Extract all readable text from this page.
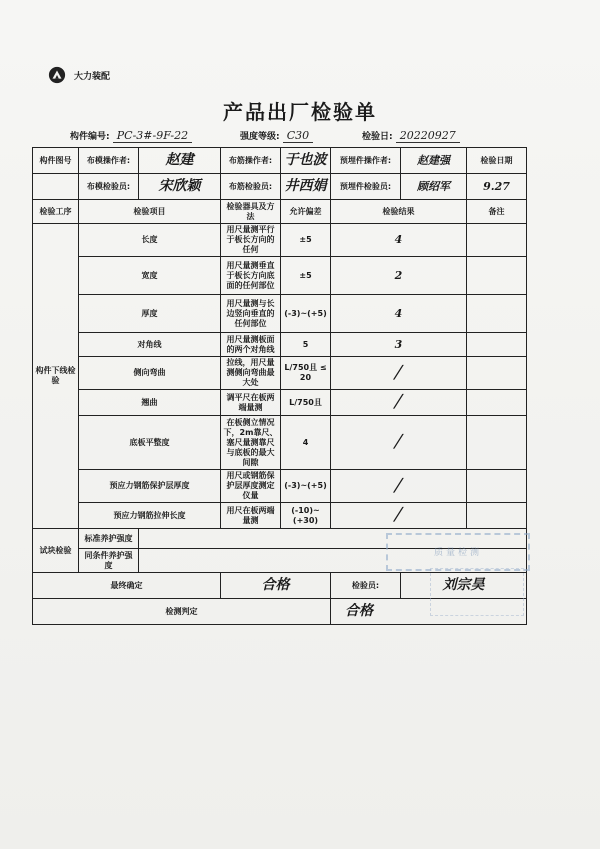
大力装配
产品出厂检验单
构件编号: PC-3#-9F-22	强度等级: C30	检验日: 20220927
构件图号	布模操作者:	赵建	布筋操作者:	于也波	预埋件操作者:	赵建强	检验日期
	布模检验员:	宋欣颖	布筋检验员:	井西娟	预埋件检验员:	顾绍军	9.27
检验工序	检验项目		检验器具及方法	允许偏差	检验结果		备注
构件下线检验	长度		用尺量测平行于板长方向的任何	±5	4		
	宽度		用尺量测垂直于板长方向底面的任何部位	±5	2		
	厚度		用尺量测与长边竖向垂直的任何部位	(-3)~(+5)	4		
	对角线		用尺量测板面的两个对角线	5	3		
	侧向弯曲		拉线，用尺量测侧向弯曲最大处	L/750且 ≤ 20	/		
	翘曲		调平尺在板两端量测	L/750且	/		
	底板平整度		在板侧立情况下，2m靠尺、塞尺量测靠尺与底板的最大间隙	4	/		
	预应力钢筋保护层厚度		用尺或钢筋保护层厚度测定仪量	(-3)~(+5)	/		
	预应力钢筋拉伸长度		用尺在板两端量测	(-10)~(+30)	/		
试块检验	标准养护强度						
	同条件养护强度						
最终确定			合格		检验员:	刘宗昊	
检测判定					合格		
质量检测
